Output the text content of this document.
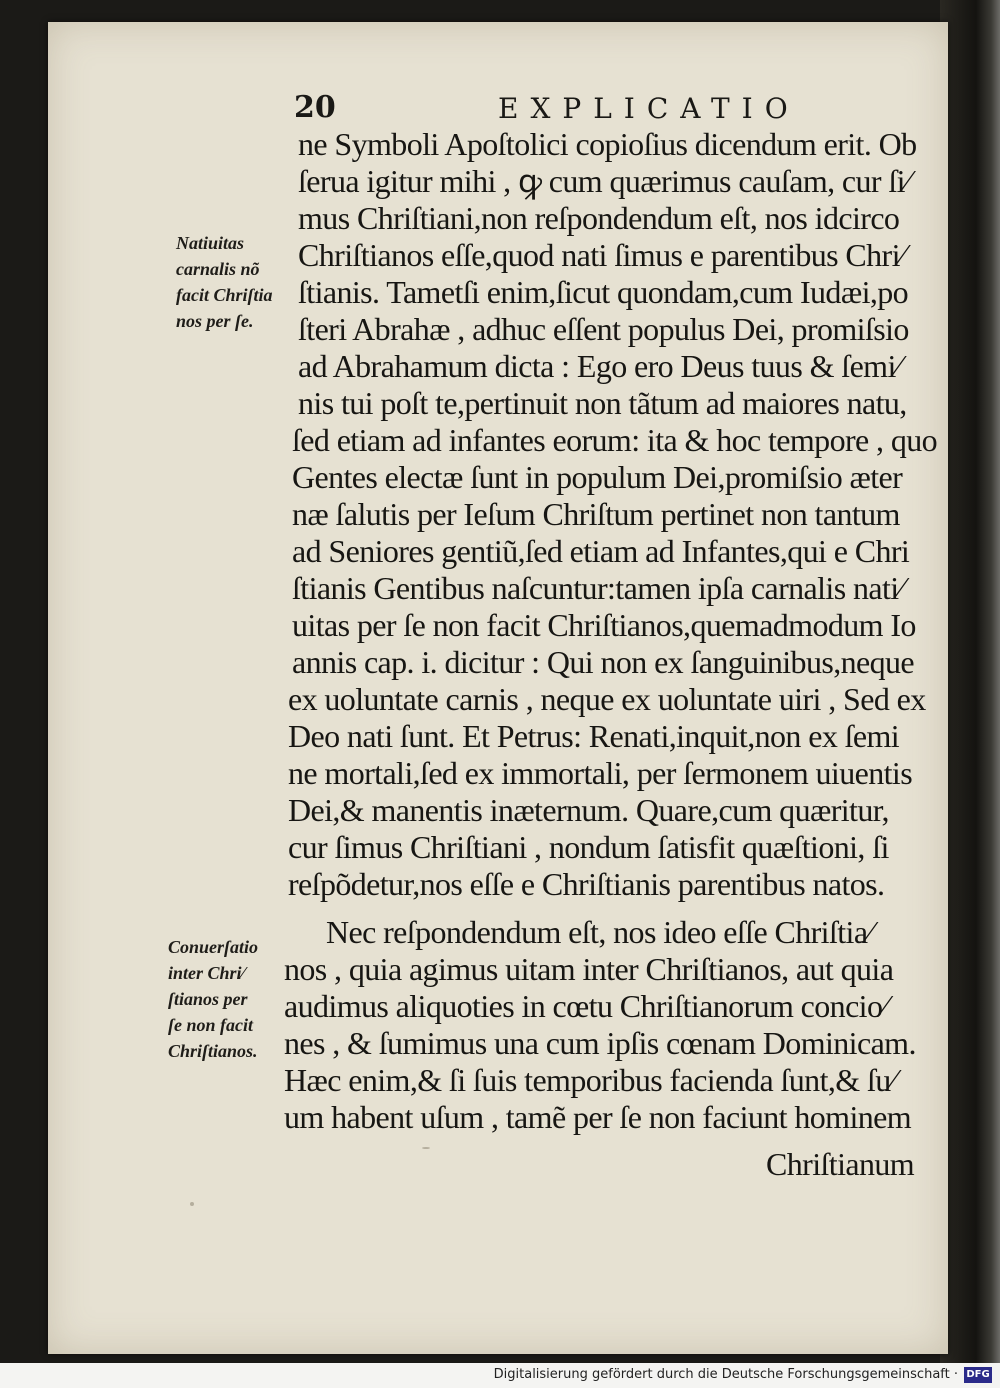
20	EXPLICATIO
Natiuitas
carnalis nõ
facit Chriſtia
nos per ſe.
Conuerſatio
inter Chri⁄
ſtianos per
ſe non facit
Chriſtianos.
ne Symboli Apoſtolici copioſius dicendum erit. Ob
ſerua igitur mihi , ꝙ cum quærimus cauſam, cur ſi⁄
mus Chriſtiani,non reſpondendum eſt, nos idcirco
Chriſtianos eſſe,quod nati ſimus e parentibus Chri⁄
ſtianis. Tametſi enim,ſicut quondam,cum Iudæi,po
ſteri Abrahæ , adhuc eſſent populus Dei, promiſsio
ad Abrahamum dicta : Ego ero Deus tuus & ſemi⁄
nis tui poſt te,pertinuit non tãtum ad maiores natu,
ſed etiam ad infantes eorum: ita & hoc tempore , quo
Gentes electæ ſunt in populum Dei,promiſsio æter
næ ſalutis per Ieſum Chriſtum pertinet non tantum
ad Seniores gentiũ,ſed etiam ad Infantes,qui e Chri
ſtianis Gentibus naſcuntur:tamen ipſa carnalis nati⁄
uitas per ſe non facit Chriſtianos,quemadmodum Io
annis cap. i. dicitur : Qui non ex ſanguinibus,neque
ex uoluntate carnis , neque ex uoluntate uiri , Sed ex
Deo nati ſunt. Et Petrus: Renati,inquit,non ex ſemi
ne mortali,ſed ex immortali, per ſermonem uiuentis
Dei,& manentis inæternum. Quare,cum quæritur,
cur ſimus Chriſtiani , nondum ſatisfit quæſtioni, ſi
reſpõdetur,nos eſſe e Chriſtianis parentibus natos.
Nec reſpondendum eſt, nos ideo eſſe Chriſtia⁄
nos , quia agimus uitam inter Chriſtianos, aut quia
audimus aliquoties in cœtu Chriſtianorum concio⁄
nes , & ſumimus una cum ipſis cœnam Dominicam.
Hæc enim,& ſi ſuis temporibus facienda ſunt,& ſu⁄
um habent uſum , tamẽ per ſe non faciunt hominem
Chriſtianum
Digitalisierung gefördert durch die Deutsche Forschungsgemeinschaft · DFG
